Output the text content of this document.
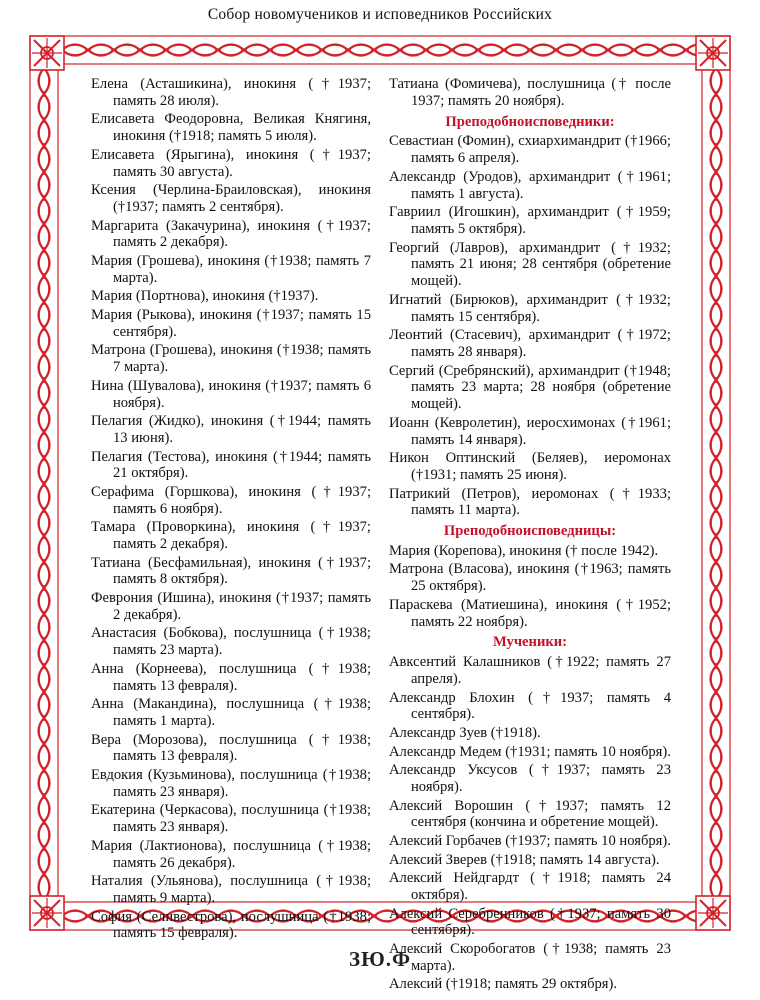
Собор новомучеников и исповедников Российских

Елена (Асташикина), инокиня (†1937; память 28 июля).

Елисавета Феодоровна, Великая Княгиня, инокиня (†1918; память 5 июля).

Елисавета (Ярыгина), инокиня (†1937; память 30 августа).

Ксения (Черлина-Браиловская), инокиня (†1937; память 2 сентября).

Маргарита (Закачурина), инокиня (†1937; память 2 декабря).

Мария (Грошева), инокиня (†1938; память 7 марта).

Мария (Портнова), инокиня (†1937).

Мария (Рыкова), инокиня (†1937; память 15 сентября).

Матрона (Грошева), инокиня (†1938; память 7 марта).

Нина (Шувалова), инокиня (†1937; память 6 ноября).

Пелагия (Жидко), инокиня (†1944; память 13 июня).

Пелагия (Тестова), инокиня (†1944; память 21 октября).

Серафима (Горшкова), инокиня (†1937; память 6 ноября).

Тамара (Проворкина), инокиня (†1937; память 2 декабря).

Татиана (Бесфамильная), инокиня (†1937; память 8 октября).

Феврония (Ишина), инокиня (†1937; память 2 декабря).

Анастасия (Бобкова), послушница (†1938; память 23 марта).

Анна (Корнеева), послушница (†1938; память 13 февраля).

Анна (Макандина), послушница (†1938; память 1 марта).

Вера (Морозова), послушница (†1938; память 13 февраля).

Евдокия (Кузьминова), послушница (†1938; память 23 января).

Екатерина (Черкасова), послушница (†1938; память 23 января).

Мария (Лактионова), послушница (†1938; память 26 декабря).

Наталия (Ульянова), послушница (†1938; память 9 марта).

София (Селивестрова), послушница (†1938; память 15 февраля).

Татиана (Фомичева), послушница († после 1937; память 20 ноября).

Преподобноисповедники:

Севастиан (Фомин), схиархимандрит (†1966; память 6 апреля).

Александр (Уродов), архимандрит (†1961; память 1 августа).

Гавриил (Игошкин), архимандрит (†1959; память 5 октября).

Георгий (Лавров), архимандрит (†1932; память 21 июня; 28 сентября (обретение мощей).

Игнатий (Бирюков), архимандрит (†1932; память 15 сентября).

Леонтий (Стасевич), архимандрит (†1972; память 28 января).

Сергий (Сребрянский), архимандрит (†1948; память 23 марта; 28 ноября (обретение мощей).

Иоанн (Кевролетин), иеросхимонах (†1961; память 14 января).

Никон Оптинский (Беляев), иеромонах (†1931; память 25 июня).

Патрикий (Петров), иеромонах (†1933; память 11 марта).

Преподобноисповедницы:

Мария (Корепова), инокиня († после 1942).

Матрона (Власова), инокиня (†1963; память 25 октября).

Параскева (Матиешина), инокиня (†1952; память 22 ноября).

Мученики:

Авксентий Калашников (†1922; память 27 апреля).

Александр Блохин (†1937; память 4 сентября).

Александр Зуев (†1918).

Александр Медем (†1931; память 10 ноября).

Александр Уксусов (†1937; память 23 ноября).

Алексий Ворошин (†1937; память 12 сентября (кончина и обретение мощей).

Алексий Горбачев (†1937; память 10 ноября).

Алексий Зверев (†1918; память 14 августа).

Алексий Нейдгардт (†1918; память 24 октября).

Алексий Серебренников (†1937; память 30 сентября).

Алексий Скоробогатов (†1938; память 23 марта).

Алексий (†1918; память 29 октября).

ЗЮ.Ф
